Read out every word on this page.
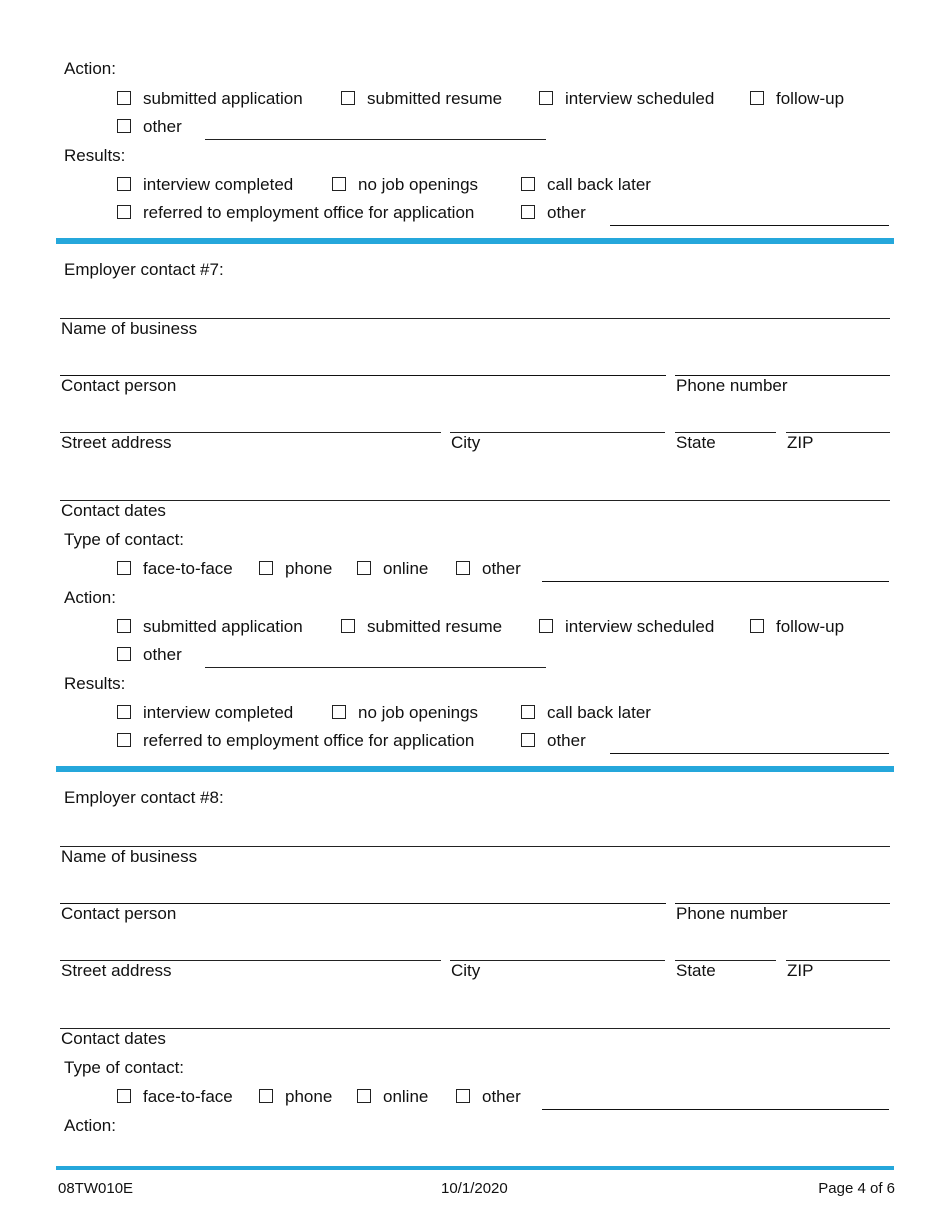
Action:
submitted application	submitted resume	interview scheduled	follow-up
other
Results:
interview completed	no job openings	call back later
referred to employment office for application	other
Employer contact #7:
Name of business
Contact person	Phone number
Street address	City	State	ZIP
Contact dates
Type of contact:
face-to-face	phone	online	other
Action:
submitted application	submitted resume	interview scheduled	follow-up
other
Results:
interview completed	no job openings	call back later
referred to employment office for application	other
Employer contact #8:
Name of business
Contact person	Phone number
Street address	City	State	ZIP
Contact dates
Type of contact:
face-to-face	phone	online	other
Action:
08TW010E	10/1/2020	Page 4 of 6
